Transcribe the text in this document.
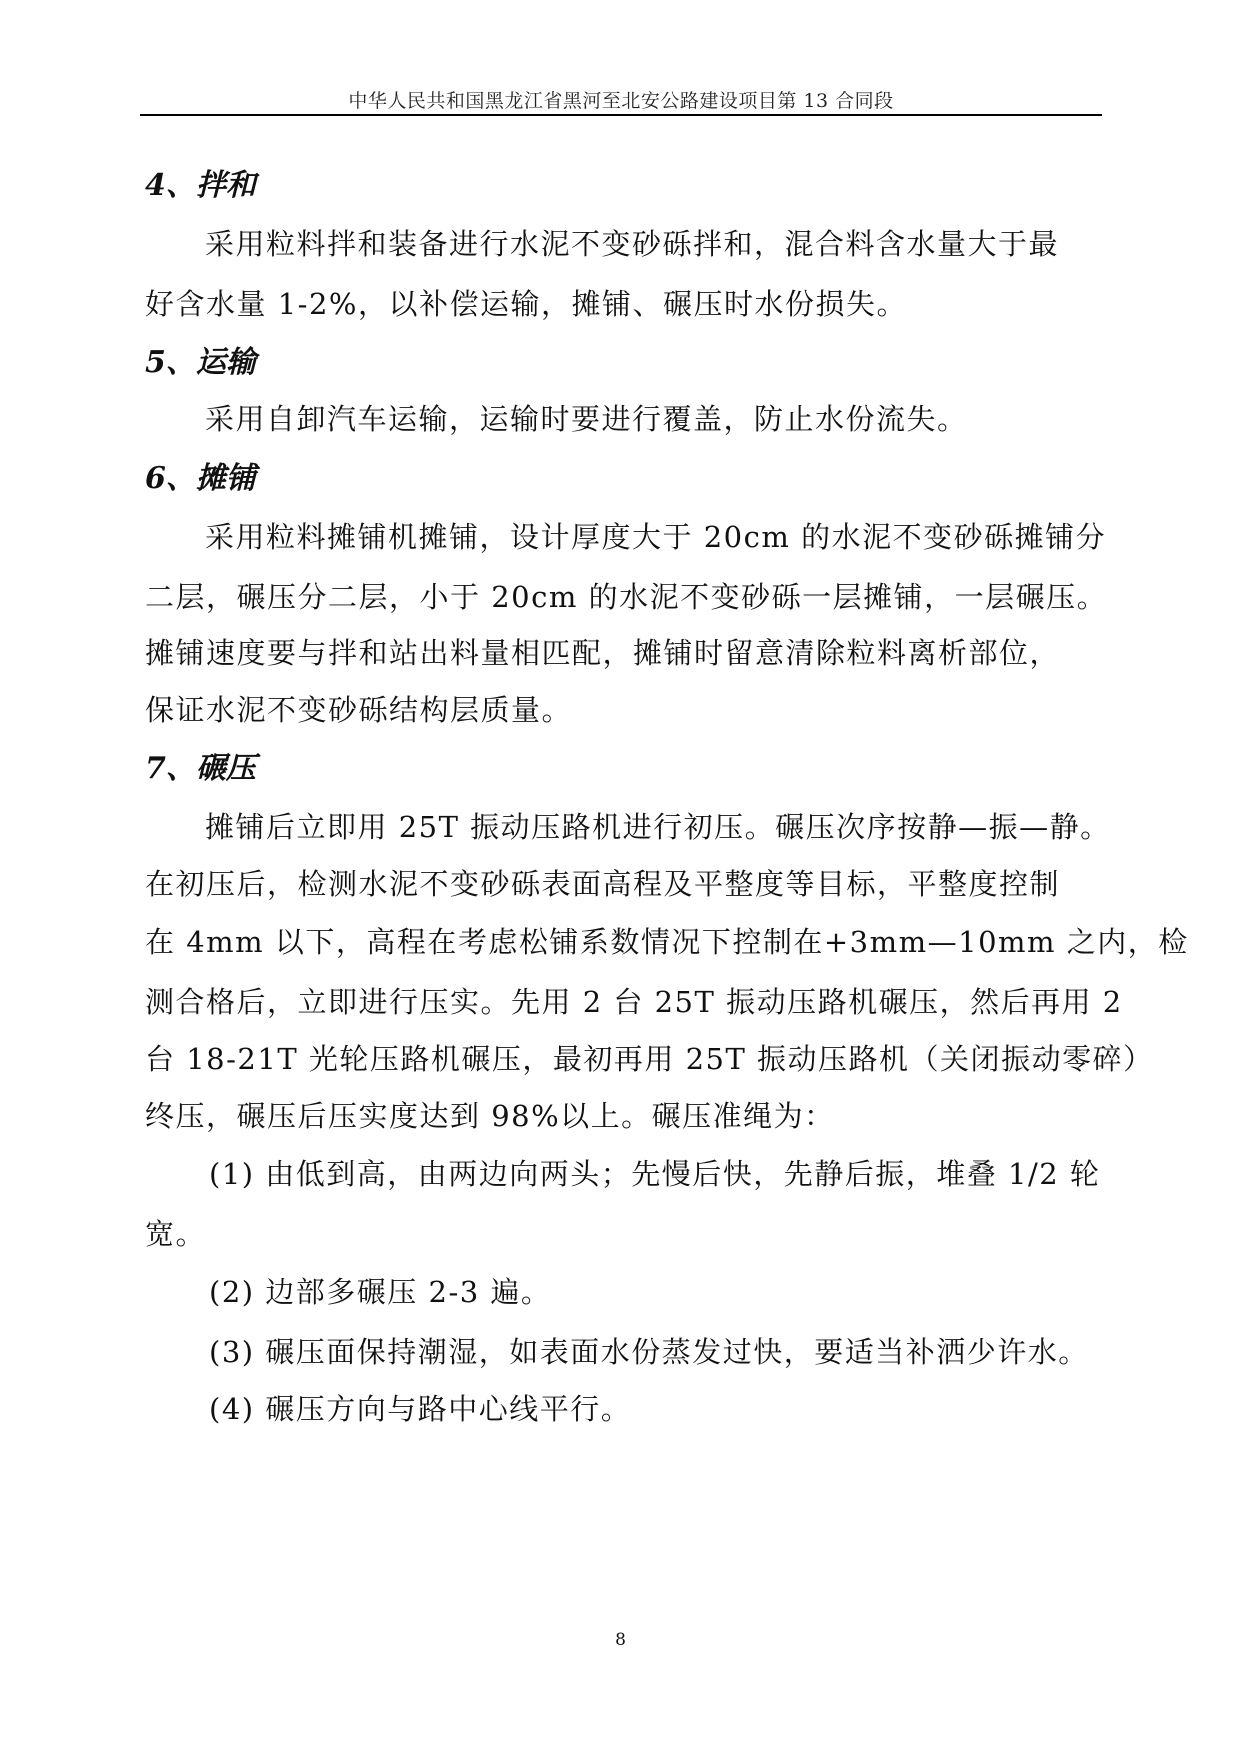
中华人民共和国黑龙江省黑河至北安公路建设项目第 13 合同段
4、拌和
采用粒料拌和装备进行水泥不变砂砾拌和，混合料含水量大于最
好含水量 1-2%，以补偿运输，摊铺、碾压时水份损失。
5、运输
采用自卸汽车运输，运输时要进行覆盖，防止水份流失。
6、摊铺
采用粒料摊铺机摊铺，设计厚度大于 20cm 的水泥不变砂砾摊铺分
二层，碾压分二层，小于 20cm 的水泥不变砂砾一层摊铺，一层碾压。
摊铺速度要与拌和站出料量相匹配，摊铺时留意清除粒料离析部位，
保证水泥不变砂砾结构层质量。
7、碾压
摊铺后立即用 25T 振动压路机进行初压。碾压次序按静—振—静。
在初压后，检测水泥不变砂砾表面高程及平整度等目标，平整度控制
在 4mm 以下，高程在考虑松铺系数情况下控制在+3mm—10mm 之内，检
测合格后，立即进行压实。先用 2 台 25T 振动压路机碾压，然后再用 2
台 18-21T 光轮压路机碾压，最初再用 25T 振动压路机（关闭振动零碎）
终压，碾压后压实度达到 98%以上。碾压准绳为：
(1) 由低到高，由两边向两头；先慢后快，先静后振，堆叠 1/2 轮
宽。
(2) 边部多碾压 2-3 遍。
(3) 碾压面保持潮湿，如表面水份蒸发过快，要适当补洒少许水。
(4) 碾压方向与路中心线平行。
8
